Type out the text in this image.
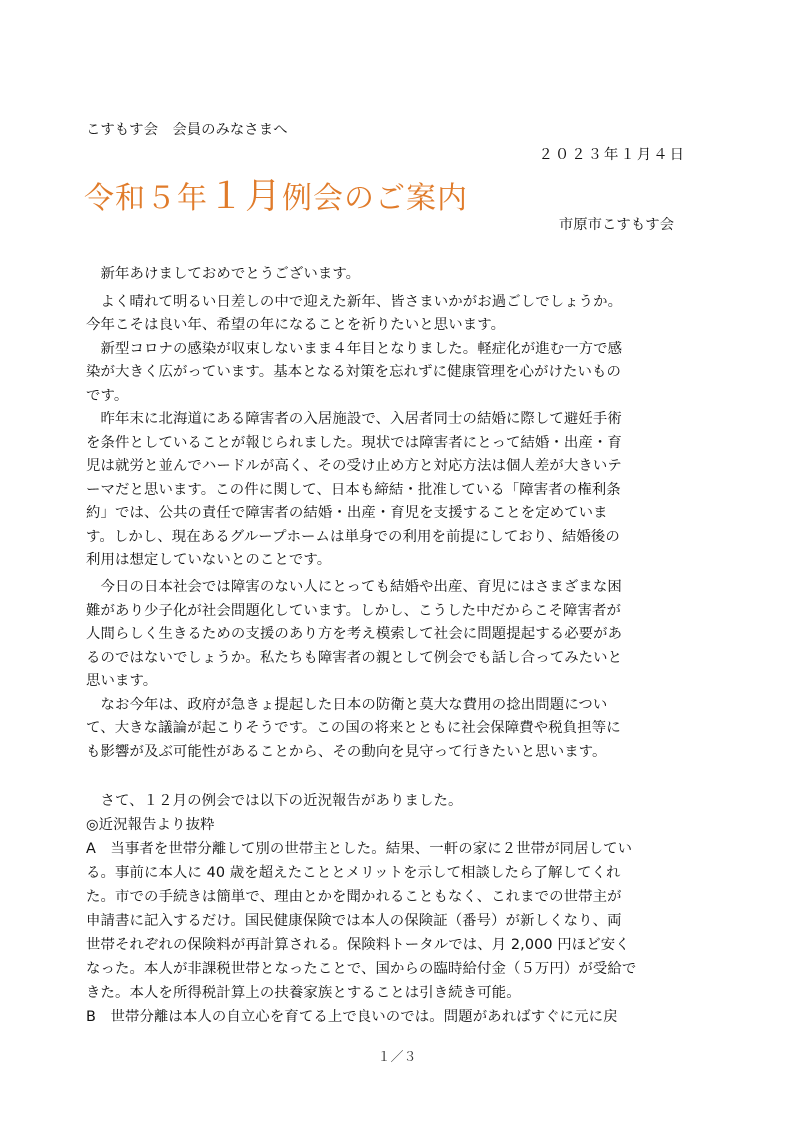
こすもす会　会員のみなさまへ
２０２３年１月４日
令和５年１月例会のご案内
市原市こすもす会
　新年あけましておめでとうございます。
　よく晴れて明るい日差しの中で迎えた新年、皆さまいかがお過ごしでしょうか。
今年こそは良い年、希望の年になることを祈りたいと思います。
　新型コロナの感染が収束しないまま４年目となりました。軽症化が進む一方で感
染が大きく広がっています。基本となる対策を忘れずに健康管理を心がけたいもの
です。
　昨年末に北海道にある障害者の入居施設で、入居者同士の結婚に際して避妊手術
を条件としていることが報じられました。現状では障害者にとって結婚・出産・育
児は就労と並んでハードルが高く、その受け止め方と対応方法は個人差が大きいテ
ーマだと思います。この件に関して、日本も締結・批准している「障害者の権利条
約」では、公共の責任で障害者の結婚・出産・育児を支援することを定めていま
す。しかし、現在あるグループホームは単身での利用を前提にしており、結婚後の
利用は想定していないとのことです。
　今日の日本社会では障害のない人にとっても結婚や出産、育児にはさまざまな困
難があり少子化が社会問題化しています。しかし、こうした中だからこそ障害者が
人間らしく生きるための支援のあり方を考え模索して社会に問題提起する必要があ
るのではないでしょうか。私たちも障害者の親として例会でも話し合ってみたいと
思います。
　なお今年は、政府が急きょ提起した日本の防衛と莫大な費用の捻出問題につい
て、大きな議論が起こりそうです。この国の将来とともに社会保障費や税負担等に
も影響が及ぶ可能性があることから、その動向を見守って行きたいと思います。
　さて、１２月の例会では以下の近況報告がありました。
◎近況報告より抜粋
A　当事者を世帯分離して別の世帯主とした。結果、一軒の家に２世帯が同居してい
る。事前に本人に 40 歳を超えたこととメリットを示して相談したら了解してくれ
た。市での手続きは簡単で、理由とかを聞かれることもなく、これまでの世帯主が
申請書に記入するだけ。国民健康保険では本人の保険証（番号）が新しくなり、両
世帯それぞれの保険料が再計算される。保険料トータルでは、月 2,000 円ほど安く
なった。本人が非課税世帯となったことで、国からの臨時給付金（５万円）が受給で
きた。本人を所得税計算上の扶養家族とすることは引き続き可能。
B　世帯分離は本人の自立心を育てる上で良いのでは。問題があればすぐに元に戻
１／３
